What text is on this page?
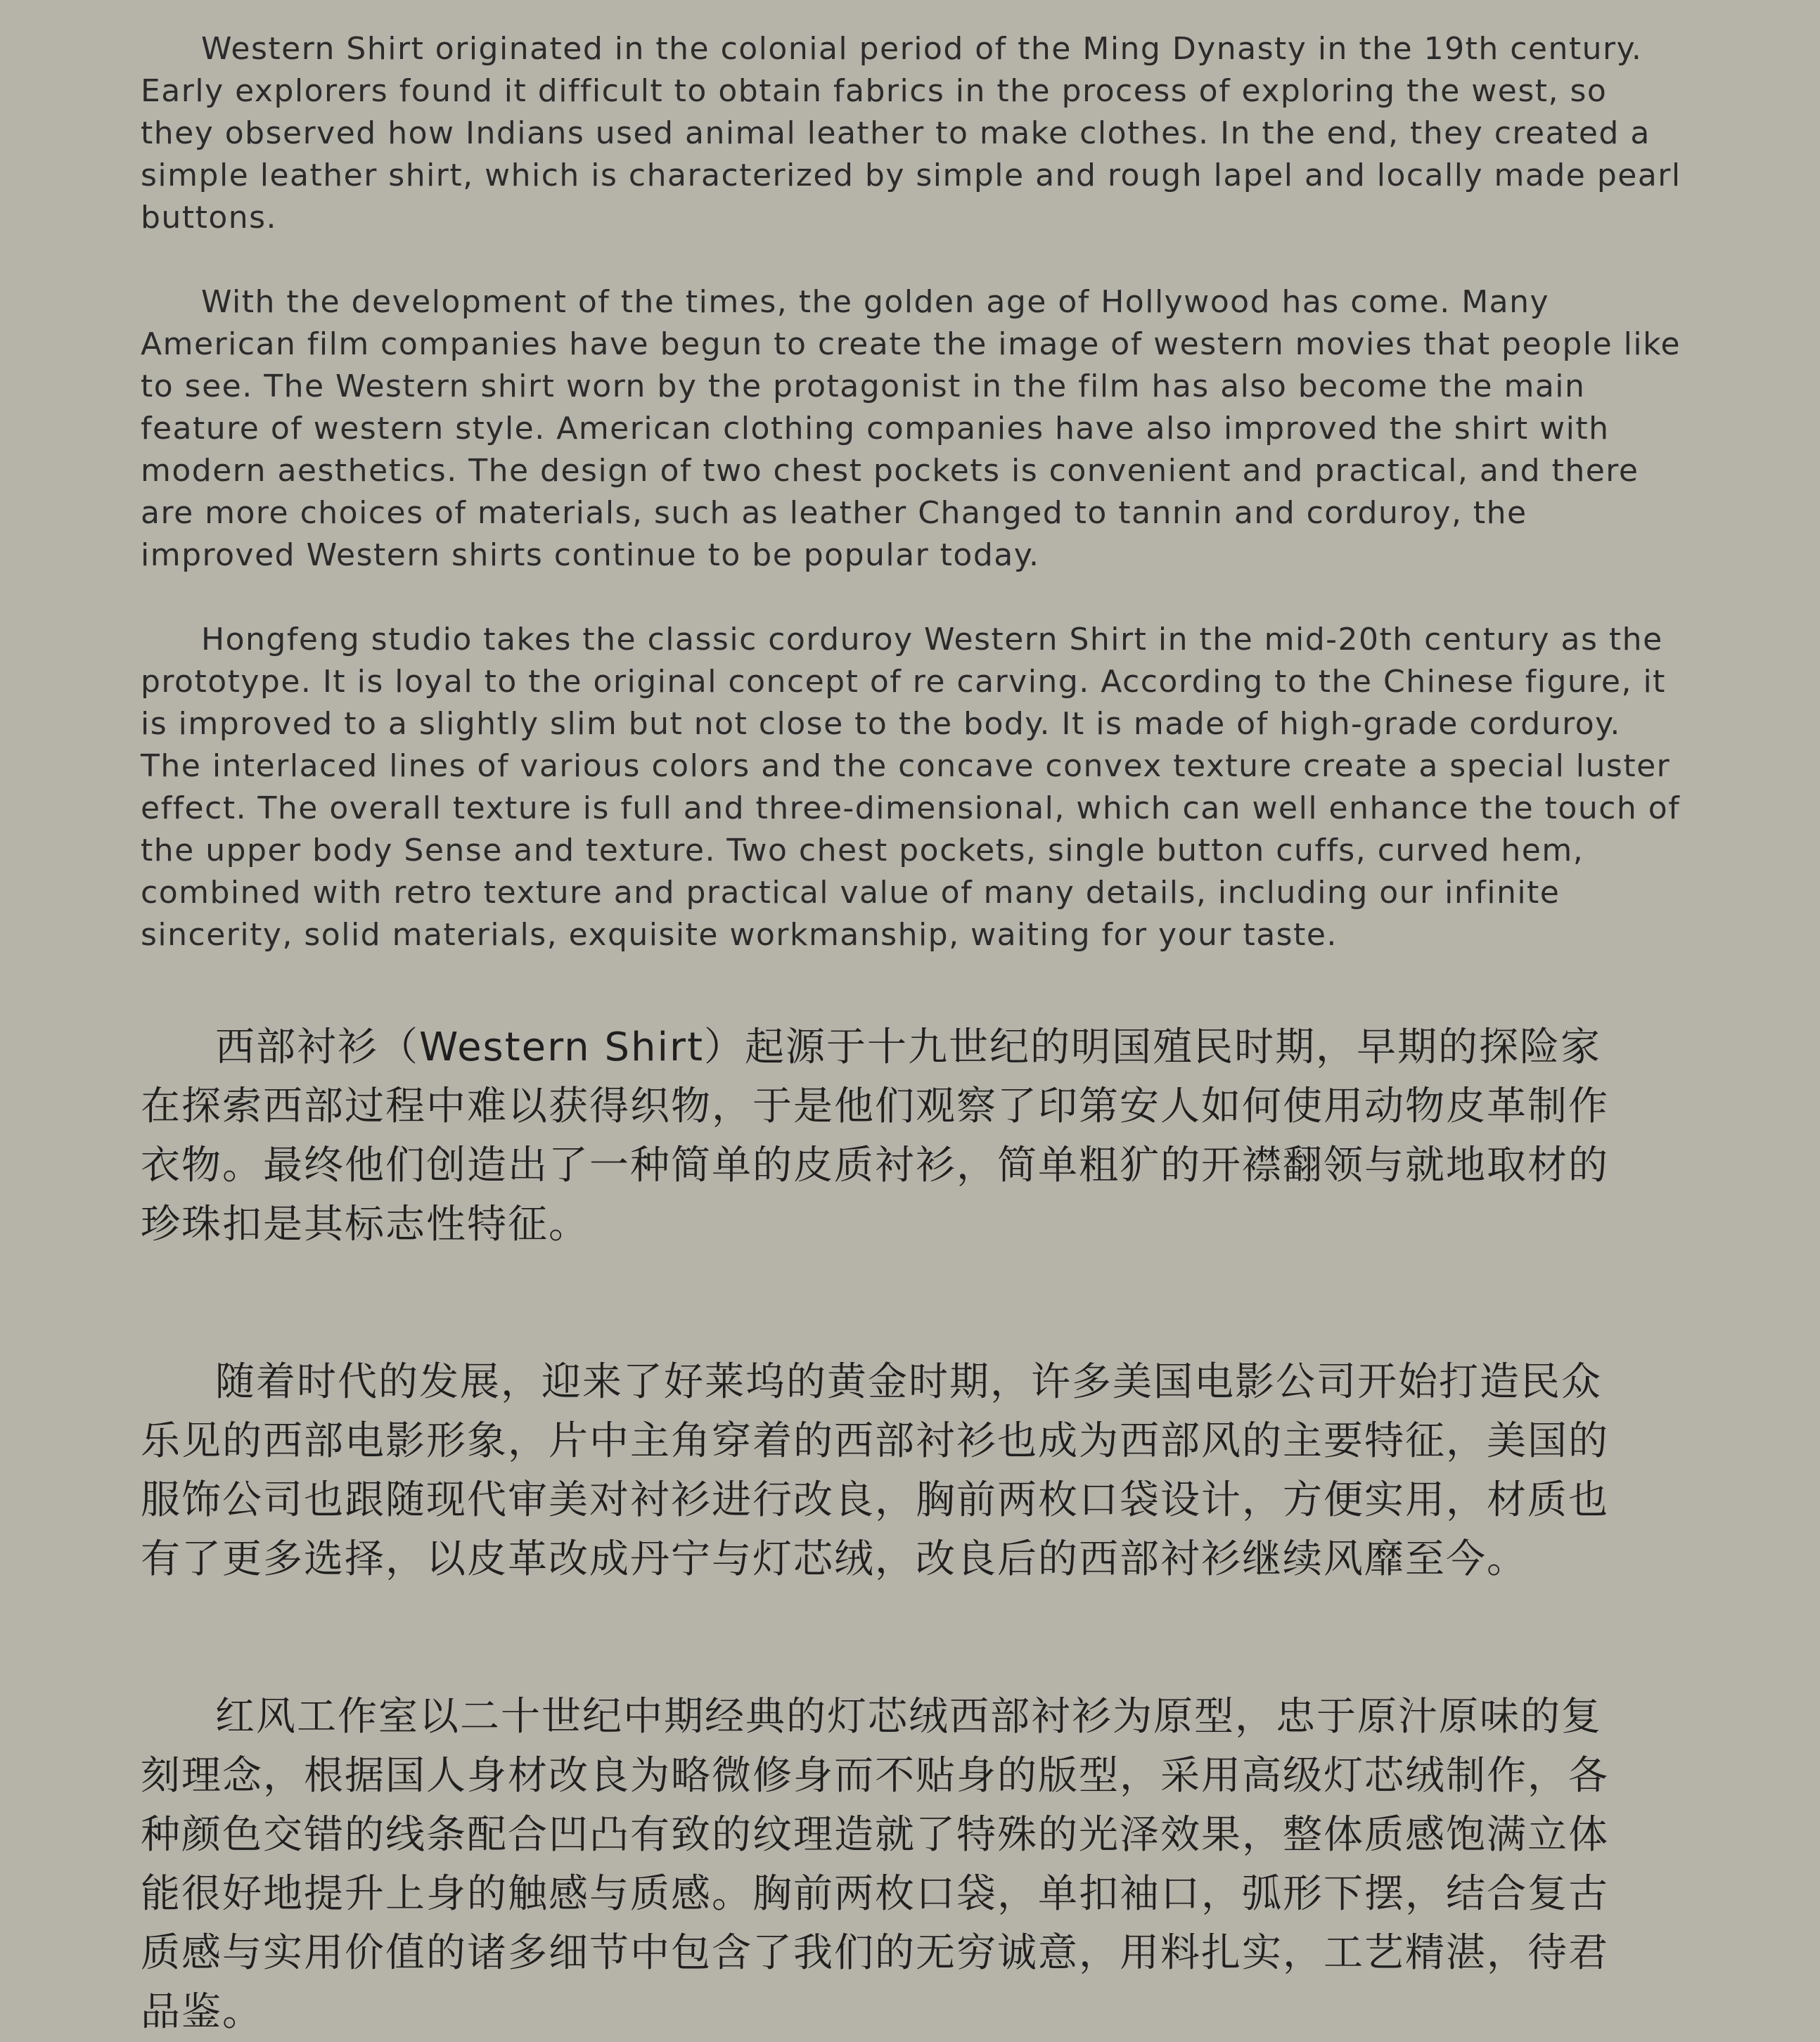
Western Shirt originated in the colonial period of the Ming Dynasty in the 19th century. Early explorers found it difficult to obtain fabrics in the process of exploring the west, so they observed how Indians used animal leather to make clothes. In the end, they created a simple leather shirt, which is characterized by simple and rough lapel and locally made pearl buttons.

With the development of the times, the golden age of Hollywood has come. Many American film companies have begun to create the image of western movies that people like to see. The Western shirt worn by the protagonist in the film has also become the main feature of western style. American clothing companies have also improved the shirt with modern aesthetics. The design of two chest pockets is convenient and practical, and there are more choices of materials, such as leather Changed to tannin and corduroy, the improved Western shirts continue to be popular today.

Hongfeng studio takes the classic corduroy Western Shirt in the mid-20th century as the prototype. It is loyal to the original concept of re carving. According to the Chinese figure, it is improved to a slightly slim but not close to the body. It is made of high-grade corduroy. The interlaced lines of various colors and the concave convex texture create a special luster effect. The overall texture is full and three-dimensional, which can well enhance the touch of the upper body Sense and texture. Two chest pockets, single button cuffs, curved hem, combined with retro texture and practical value of many details, including our infinite sincerity, solid materials, exquisite workmanship, waiting for your taste.

西部衬衫（Western Shirt）起源于十九世纪的明国殖民时期，早期的探险家在探索西部过程中难以获得织物，于是他们观察了印第安人如何使用动物皮革制作衣物。最终他们创造出了一种简单的皮质衬衫，简单粗犷的开襟翻领与就地取材的珍珠扣是其标志性特征。

随着时代的发展，迎来了好莱坞的黄金时期，许多美国电影公司开始打造民众乐见的西部电影形象，片中主角穿着的西部衬衫也成为西部风的主要特征，美国的服饰公司也跟随现代审美对衬衫进行改良，胸前两枚口袋设计，方便实用，材质也有了更多选择，以皮革改成丹宁与灯芯绒，改良后的西部衬衫继续风靡至今。

红风工作室以二十世纪中期经典的灯芯绒西部衬衫为原型，忠于原汁原味的复刻理念，根据国人身材改良为略微修身而不贴身的版型，采用高级灯芯绒制作，各种颜色交错的线条配合凹凸有致的纹理造就了特殊的光泽效果，整体质感饱满立体能很好地提升上身的触感与质感。胸前两枚口袋，单扣袖口，弧形下摆，结合复古质感与实用价值的诸多细节中包含了我们的无穷诚意，用料扎实，工艺精湛，待君品鉴。
